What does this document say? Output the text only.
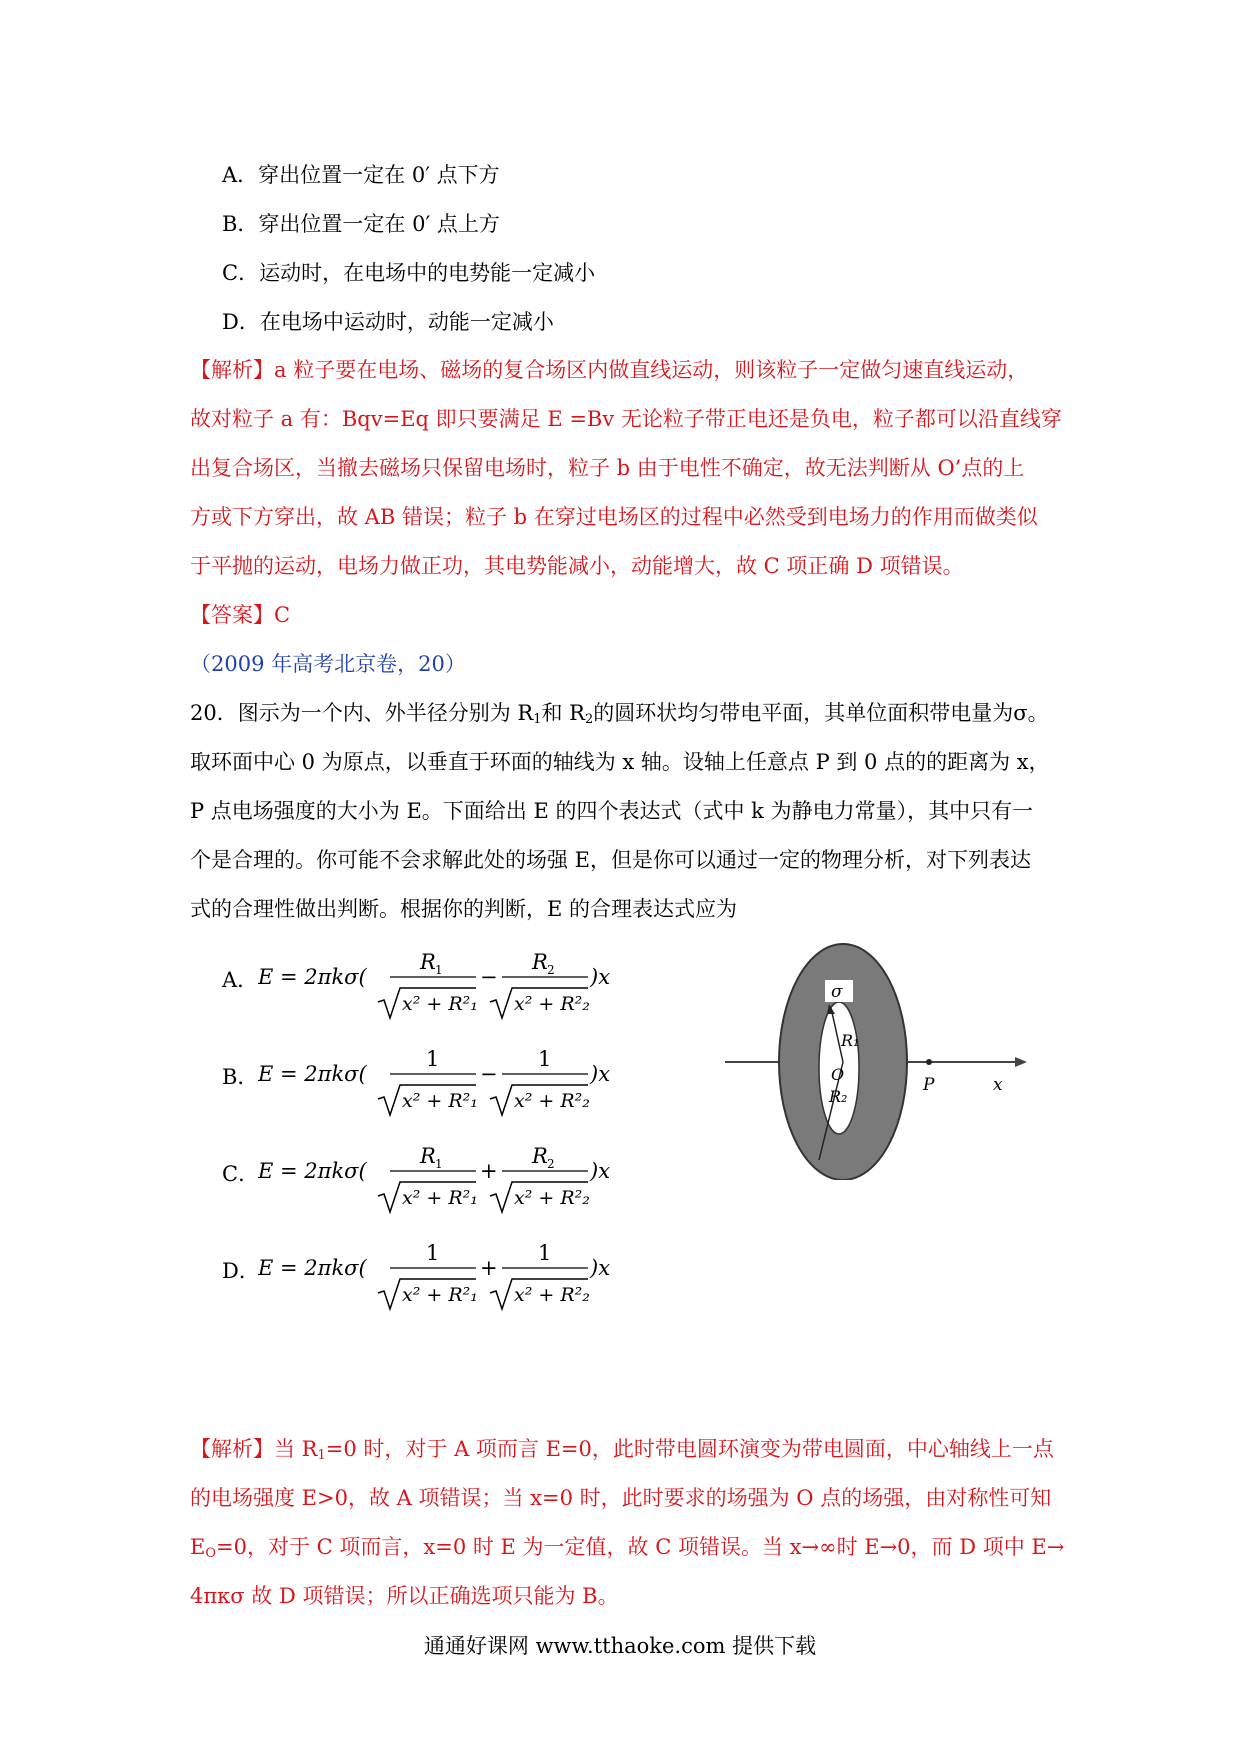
A．穿出位置一定在 0′ 点下方
B．穿出位置一定在 0′ 点上方
C．运动时，在电场中的电势能一定减小
D．在电场中运动时，动能一定减小
【解析】a 粒子要在电场、磁场的复合场区内做直线运动，则该粒子一定做匀速直线运动，
故对粒子 a 有：Bqv=Eq 即只要满足 E =Bv 无论粒子带正电还是负电，粒子都可以沿直线穿
出复合场区，当撤去磁场只保留电场时，粒子 b 由于电性不确定，故无法判断从 O’点的上
方或下方穿出，故 AB 错误；粒子 b 在穿过电场区的过程中必然受到电场力的作用而做类似
于平抛的运动，电场力做正功，其电势能减小，动能增大，故 C 项正确 D 项错误。
【答案】C
（2009 年高考北京卷，20）
20．图示为一个内、外半径分别为 $R_1$和 $R_2$的圆环状均匀带电平面，其单位面积带电量为σ。
取环面中心 0 为原点，以垂直于环面的轴线为 x 轴。设轴上任意点 P 到 0 点的的距离为 x，
P 点电场强度的大小为 E。下面给出 E 的四个表达式（式中 k 为静电力常量），其中只有一
个是合理的。你可能不会求解此处的场强 E，但是你可以通过一定的物理分析，对下列表达
式的合理性做出判断。根据你的判断，E 的合理表达式应为
A． E = 2πkσ(
R 1
x² + R²₁
−
R 2
x² + R²₂
)x
B． E = 2πkσ(
1
x² + R²₁
−
1
x² + R²₂
)x
C．
E = 2πkσ(
R 1
x² + R²₁
+
R 2
x² + R²₂
)x
D．
E = 2πkσ(
1
x² + R²₁
+
1
x² + R²₂
)x
σ
R₁
O
R₂
P	x
【解析】当 $R_1=0$ 时，对于 A 项而言 E=0，此时带电圆环演变为带电圆面，中心轴线上一点
的电场强度 E>0，故 A 项错误；当 x=0 时，此时要求的场强为 O 点的场强，由对称性可知
$E_O=0$，对于 C 项而言，x=0 时 E 为一定值，故 C 项错误。当 x→∞时 E→0，而 D 项中 E→
4πκσ 故 D 项错误；所以正确选项只能为 B。
通通好课网 www.tthaoke.com 提供下载
